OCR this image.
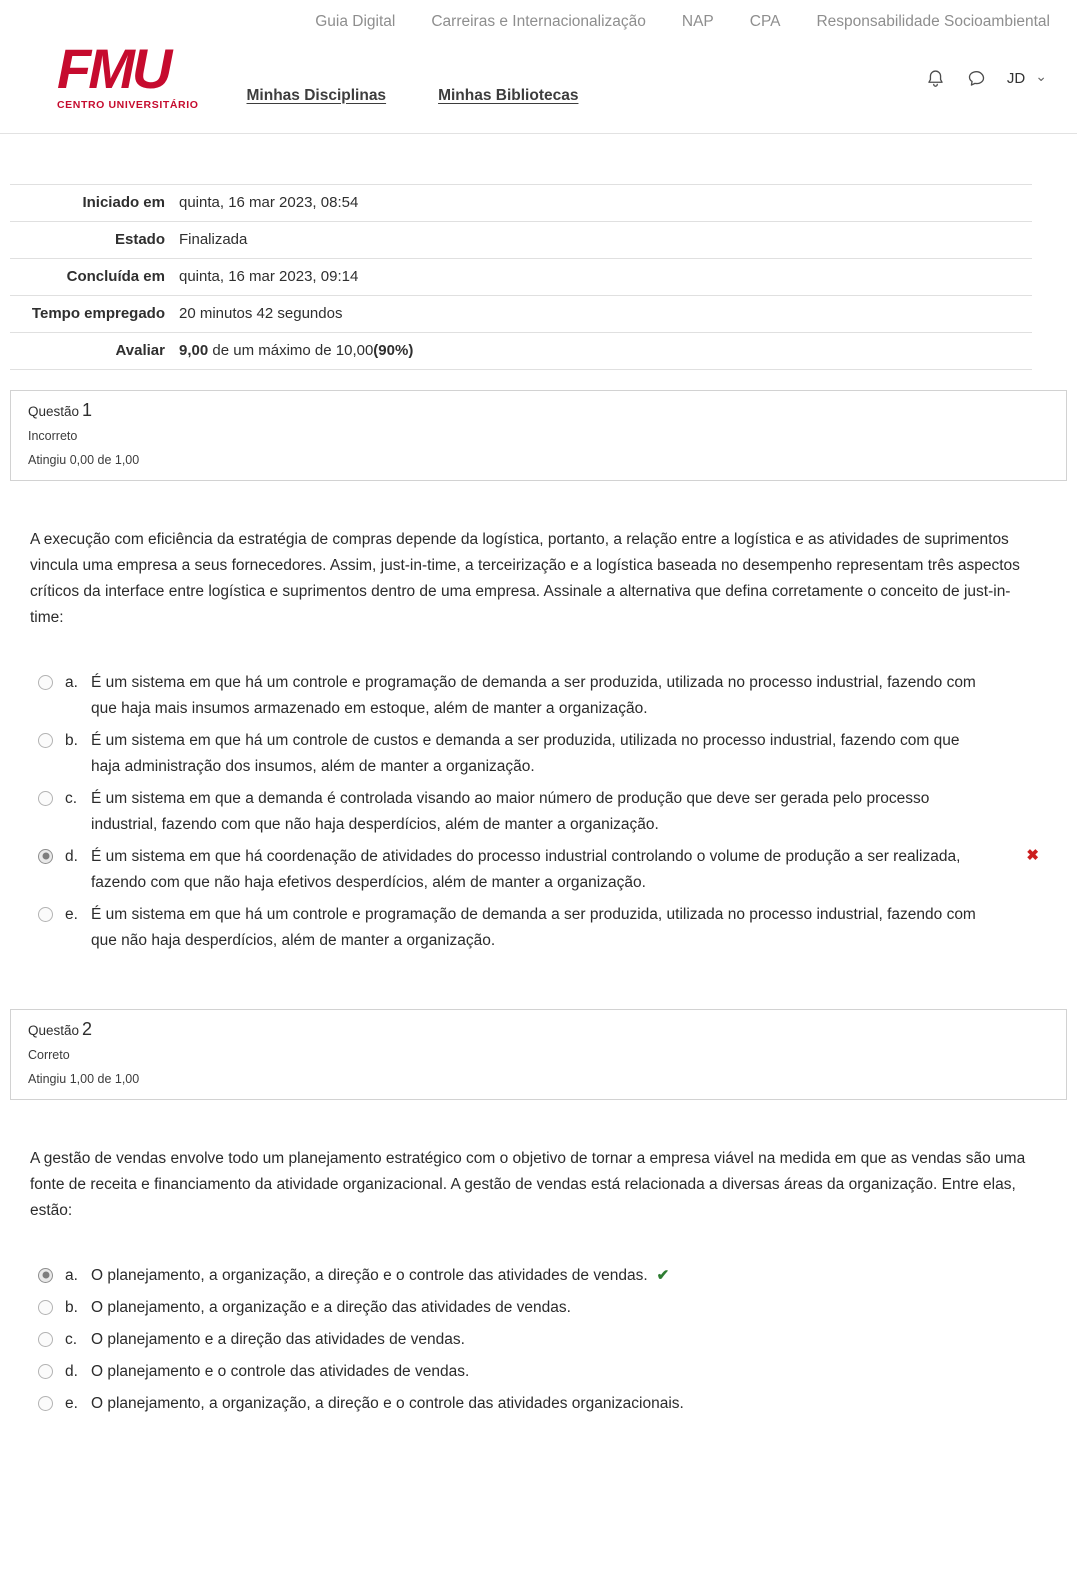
Guia Digital Carreiras e Internacionalização NAP CPA Responsabilidade Socioambiental
FMU
CENTRO UNIVERSITÁRIO
Minhas Disciplinas	Minhas Bibliotecas
JD ⌄
Iniciado em quinta, 16 mar 2023, 08:54
Estado Finalizada
Concluída em quinta, 16 mar 2023, 09:14
Tempo empregado 20 minutos 42 segundos
Avaliar 9,00 de um máximo de 10,00(90%)
Questão 1
Incorreto
Atingiu 0,00 de 1,00
A execução com eficiência da estratégia de compras depende da logística, portanto, a relação entre a logística e as atividades de suprimentos vincula uma empresa a seus fornecedores. Assim, just-in-time, a terceirização e a logística baseada no desempenho representam três aspectos críticos da interface entre logística e suprimentos dentro de uma empresa. Assinale a alternativa que defina corretamente o conceito de just-in-time:
a. É um sistema em que há um controle e programação de demanda a ser produzida, utilizada no processo industrial, fazendo com que haja mais insumos armazenado em estoque, além de manter a organização.
b. É um sistema em que há um controle de custos e demanda a ser produzida, utilizada no processo industrial, fazendo com que haja administração dos insumos, além de manter a organização.
c. É um sistema em que a demanda é controlada visando ao maior número de produção que deve ser gerada pelo processo industrial, fazendo com que não haja desperdícios, além de manter a organização.
d. É um sistema em que há coordenação de atividades do processo industrial controlando o volume de produção a ser realizada, fazendo com que não haja efetivos desperdícios, além de manter a organização.
✖
e. É um sistema em que há um controle e programação de demanda a ser produzida, utilizada no processo industrial, fazendo com que não haja desperdícios, além de manter a organização.
Questão 2
Correto
Atingiu 1,00 de 1,00
A gestão de vendas envolve todo um planejamento estratégico com o objetivo de tornar a empresa viável na medida em que as vendas são uma fonte de receita e financiamento da atividade organizacional. A gestão de vendas está relacionada a diversas áreas da organização. Entre elas, estão:
a. O planejamento, a organização, a direção e o controle das atividades de vendas. ✔
b. O planejamento, a organização e a direção das atividades de vendas.
c. O planejamento e a direção das atividades de vendas.
d. O planejamento e o controle das atividades de vendas.
e. O planejamento, a organização, a direção e o controle das atividades organizacionais.
